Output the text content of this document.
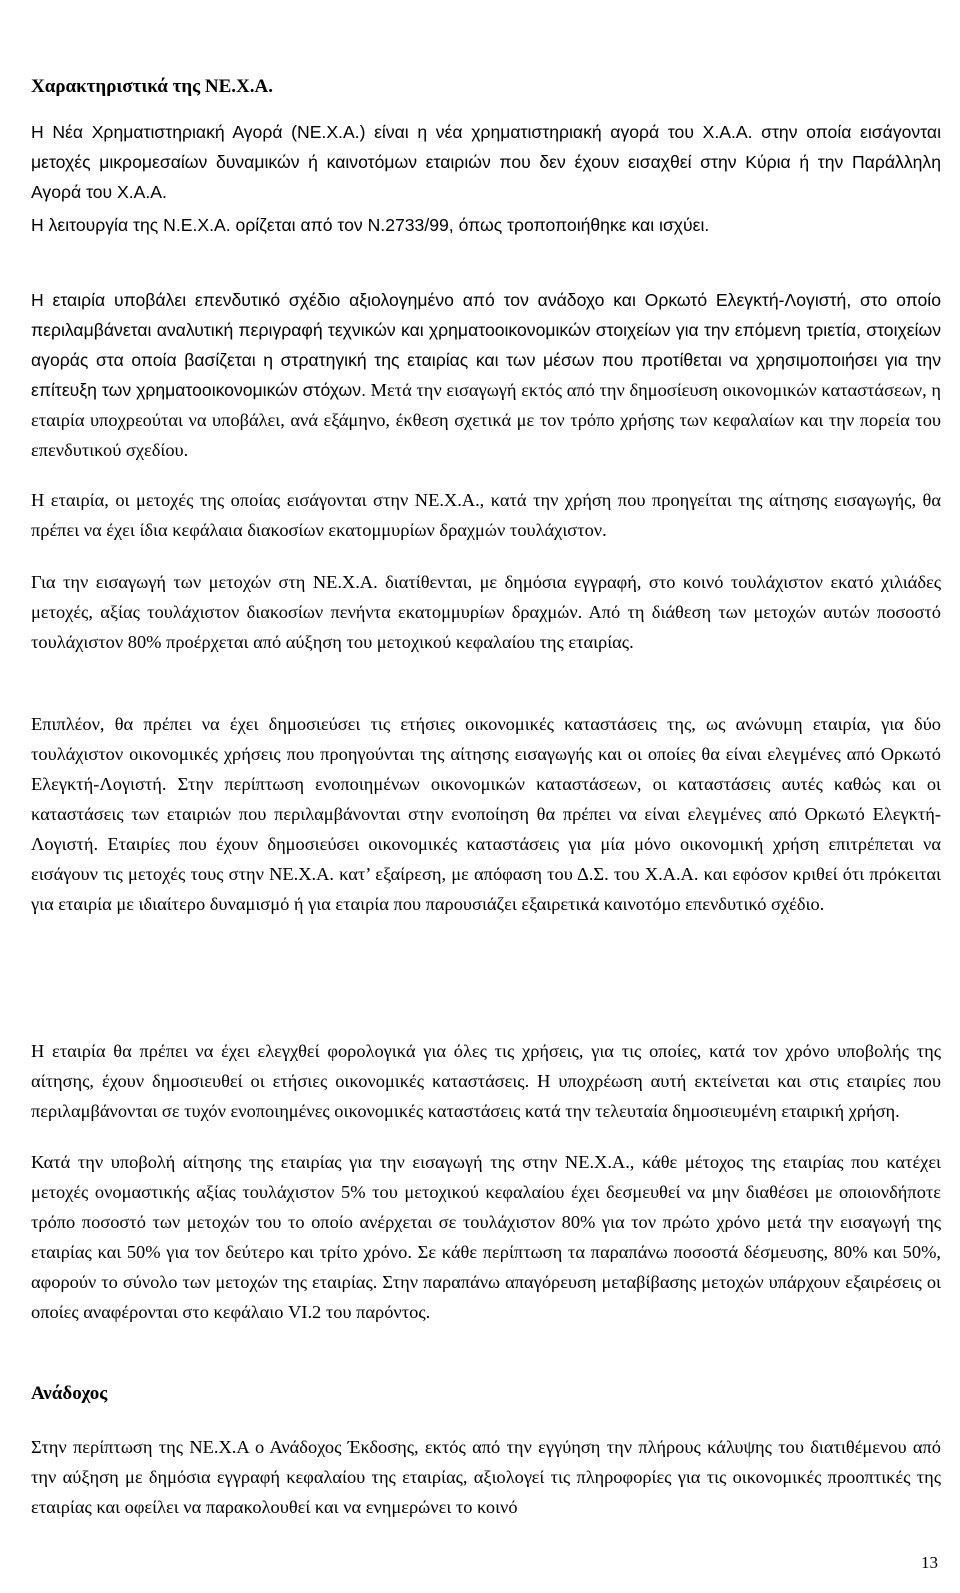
Χαρακτηριστικά της ΝΕ.Χ.Α.

Η Νέα Χρηματιστηριακή Αγορά (ΝΕ.Χ.Α.) είναι η νέα χρηματιστηριακή αγορά του Χ.Α.Α. στην οποία εισάγονται μετοχές μικρομεσαίων δυναμικών ή καινοτόμων εταιριών που δεν έχουν εισαχθεί στην Κύρια ή την Παράλληλη Αγορά του Χ.Α.Α.

Η λειτουργία της Ν.Ε.Χ.Α. ορίζεται από τον Ν.2733/99, όπως τροποποιήθηκε και ισχύει.

Η εταιρία υποβάλει επενδυτικό σχέδιο αξιολογημένο από τον ανάδοχο και Ορκωτό Ελεγκτή-Λογιστή, στο οποίο περιλαμβάνεται αναλυτική περιγραφή τεχνικών και χρηματοοικονομικών στοιχείων για την επόμενη τριετία, στοιχείων αγοράς στα οποία βασίζεται η στρατηγική της εταιρίας και των μέσων που προτίθεται να χρησιμοποιήσει για την επίτευξη των χρηματοοικονομικών στόχων. Μετά την εισαγωγή εκτός από την δημοσίευση οικονομικών καταστάσεων, η εταιρία υποχρεούται να υποβάλει, ανά εξάμηνο, έκθεση σχετικά με τον τρόπο χρήσης των κεφαλαίων και την πορεία του επενδυτικού σχεδίου.

Η εταιρία, οι μετοχές της οποίας εισάγονται στην ΝΕ.Χ.Α., κατά την χρήση που προηγείται της αίτησης εισαγωγής, θα πρέπει να έχει ίδια κεφάλαια διακοσίων εκατομμυρίων δραχμών τουλάχιστον.

Για την εισαγωγή των μετοχών στη ΝΕ.Χ.Α. διατίθενται, με δημόσια εγγραφή, στο κοινό τουλάχιστον εκατό χιλιάδες μετοχές, αξίας τουλάχιστον διακοσίων πενήντα εκατομμυρίων δραχμών. Από τη διάθεση των μετοχών αυτών ποσοστό τουλάχιστον 80% προέρχεται από αύξηση του μετοχικού κεφαλαίου της εταιρίας.

Επιπλέον, θα πρέπει να έχει δημοσιεύσει τις ετήσιες οικονομικές καταστάσεις της, ως ανώνυμη εταιρία, για δύο τουλάχιστον οικονομικές χρήσεις που προηγούνται της αίτησης εισαγωγής και οι οποίες θα είναι ελεγμένες από Ορκωτό Ελεγκτή-Λογιστή. Στην περίπτωση ενοποιημένων οικονομικών καταστάσεων, οι καταστάσεις αυτές καθώς και οι καταστάσεις των εταιριών που περιλαμβάνονται στην ενοποίηση θα πρέπει να είναι ελεγμένες από Ορκωτό Ελεγκτή-Λογιστή. Εταιρίες που έχουν δημοσιεύσει οικονομικές καταστάσεις για μία μόνο οικονομική χρήση επιτρέπεται να εισάγουν τις μετοχές τους στην ΝΕ.Χ.Α. κατ’ εξαίρεση, με απόφαση του Δ.Σ. του Χ.Α.Α. και εφόσον κριθεί ότι πρόκειται για εταιρία με ιδιαίτερο δυναμισμό ή για εταιρία που παρουσιάζει εξαιρετικά καινοτόμο επενδυτικό σχέδιο.

Η εταιρία θα πρέπει να έχει ελεγχθεί φορολογικά για όλες τις χρήσεις, για τις οποίες, κατά τον χρόνο υποβολής της αίτησης, έχουν δημοσιευθεί οι ετήσιες οικονομικές καταστάσεις. Η υποχρέωση αυτή εκτείνεται και στις εταιρίες που περιλαμβάνονται σε τυχόν ενοποιημένες οικονομικές καταστάσεις κατά την τελευταία δημοσιευμένη εταιρική χρήση.

Κατά την υποβολή αίτησης της εταιρίας για την εισαγωγή της στην ΝΕ.Χ.Α., κάθε μέτοχος της εταιρίας που κατέχει μετοχές ονομαστικής αξίας τουλάχιστον 5% του μετοχικού κεφαλαίου έχει δεσμευθεί να μην διαθέσει με οποιονδήποτε τρόπο ποσοστό των μετοχών του το οποίο ανέρχεται σε τουλάχιστον 80% για τον πρώτο χρόνο μετά την εισαγωγή της εταιρίας και 50% για τον δεύτερο και τρίτο χρόνο. Σε κάθε περίπτωση τα παραπάνω ποσοστά δέσμευσης, 80% και 50%, αφορούν το σύνολο των μετοχών της εταιρίας. Στην παραπάνω απαγόρευση μεταβίβασης μετοχών υπάρχουν εξαιρέσεις οι οποίες αναφέρονται στο κεφάλαιο VI.2 του παρόντος.

Ανάδοχος

Στην περίπτωση της ΝΕ.Χ.Α ο Ανάδοχος Έκδοσης, εκτός από την εγγύηση την πλήρους κάλυψης του διατιθέμενου από την αύξηση με δημόσια εγγραφή κεφαλαίου της εταιρίας, αξιολογεί τις πληροφορίες για τις οικονομικές προοπτικές της εταιρίας και οφείλει να παρακολουθεί και να ενημερώνει το κοινό

13
